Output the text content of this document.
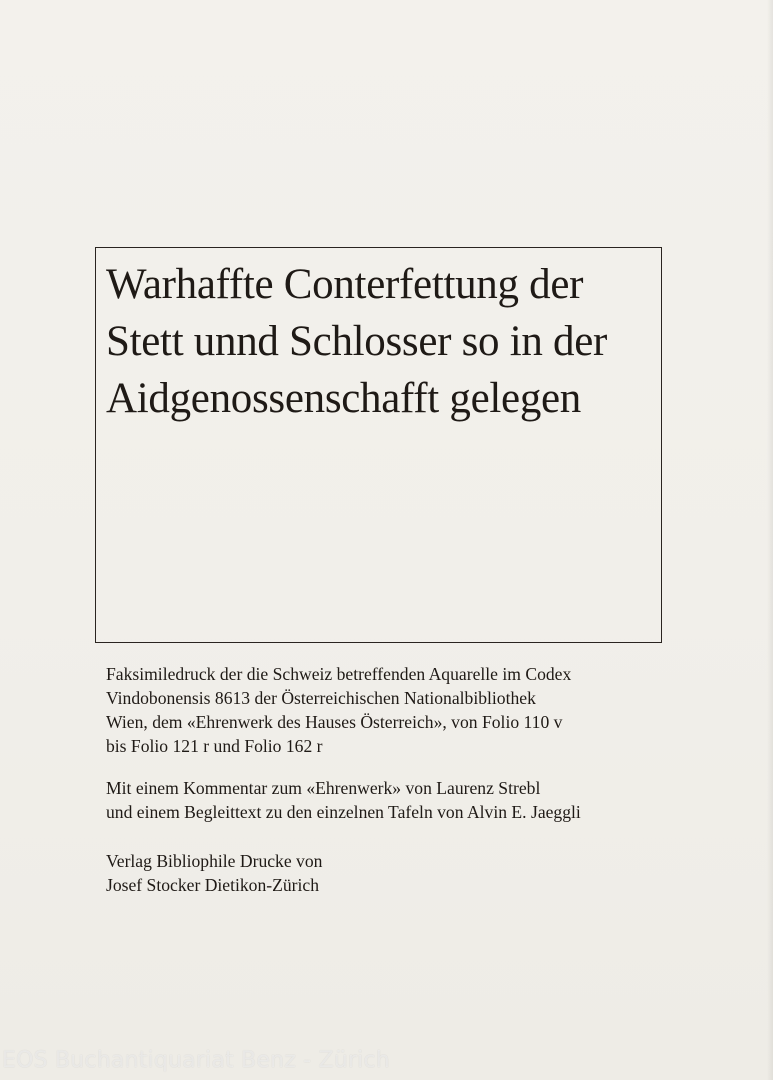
Warhaffte Conterfettung der
Stett unnd Schlosser so in der
Aidgenossenschafft gelegen

Faksimiledruck der die Schweiz betreffenden Aquarelle im Codex
Vindobonensis 8613 der Österreichischen Nationalbibliothek
Wien, dem «Ehrenwerk des Hauses Österreich», von Folio 110 v
bis Folio 121 r und Folio 162 r

Mit einem Kommentar zum «Ehrenwerk» von Laurenz Strebl
und einem Begleittext zu den einzelnen Tafeln von Alvin E. Jaeggli

Verlag Bibliophile Drucke von
Josef Stocker Dietikon-Zürich

EOS Buchantiquariat Benz - Zürich
